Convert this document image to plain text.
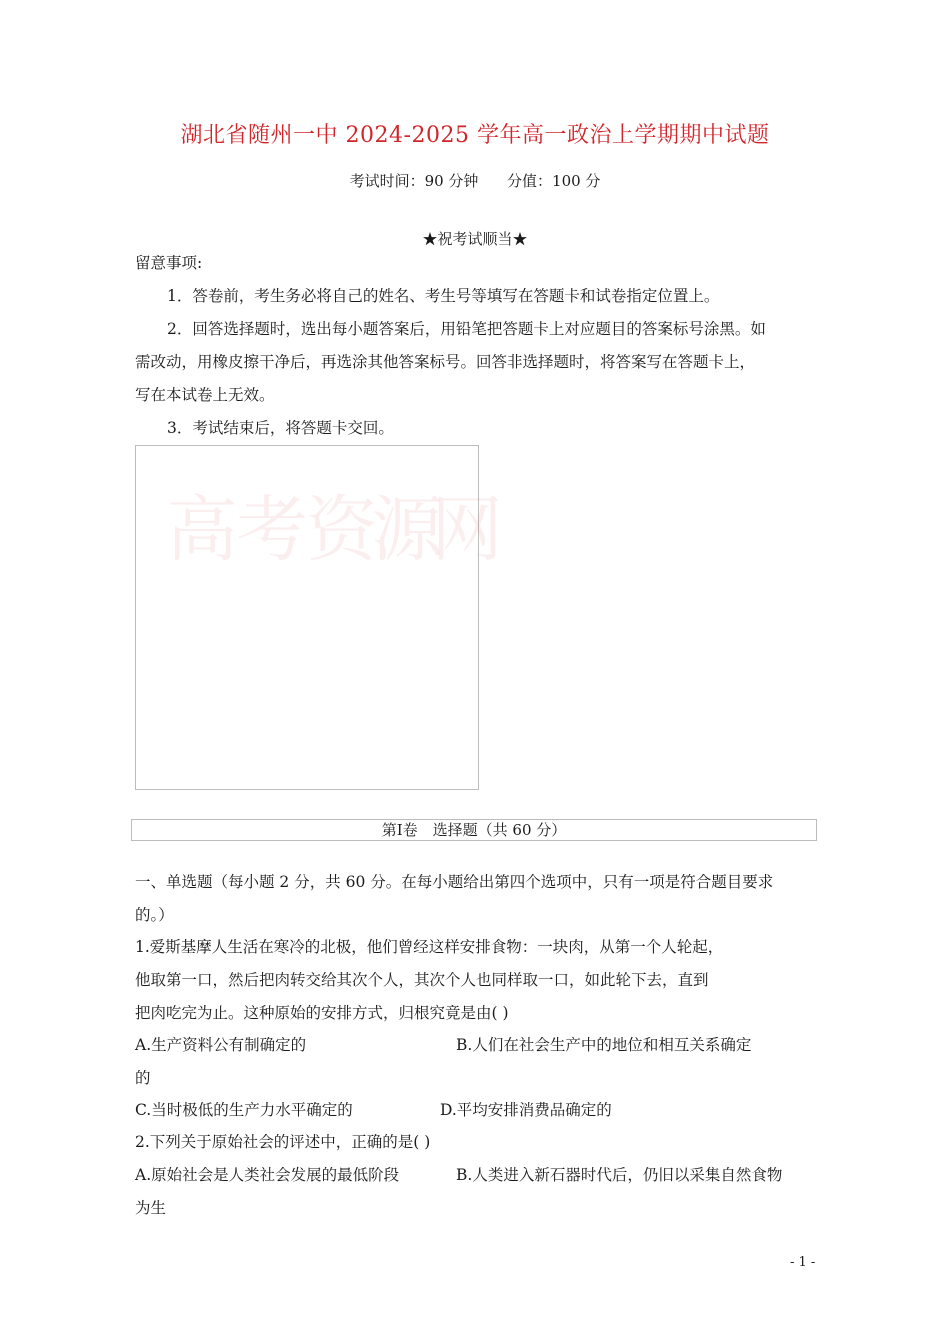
湖北省随州一中 2024-2025 学年高一政治上学期期中试题
考试时间：90 分钟      分值：100 分
★祝考试顺当★
留意事项:
1．答卷前，考生务必将自己的姓名、考生号等填写在答题卡和试卷指定位置上。
2．回答选择题时，选出每小题答案后，用铅笔把答题卡上对应题目的答案标号涂黑。如
需改动，用橡皮擦干净后，再选涂其他答案标号。回答非选择题时，将答案写在答题卡上，
写在本试卷上无效。
3．考试结束后，将答题卡交回。
高
考
资
源
网
第Ⅰ卷　选择题（共 60 分）
一、单选题（每小题 2 分，共 60 分。在每小题给出第四个选项中，只有一项是符合题目要求
的。）
1.爱斯基摩人生活在寒冷的北极，他们曾经这样安排食物：一块肉，从第一个人轮起，
他取第一口，然后把肉转交给其次个人，其次个人也同样取一口，如此轮下去，直到
把肉吃完为止。这种原始的安排方式，归根究竟是由( )
A.生产资料公有制确定的	B.人们在社会生产中的地位和相互关系确定
的
C.当时极低的生产力水平确定的	D.平均安排消费品确定的
2.下列关于原始社会的评述中，正确的是( )
A.原始社会是人类社会发展的最低阶段	B.人类进入新石器时代后，仍旧以采集自然食物
为生
- 1 -
